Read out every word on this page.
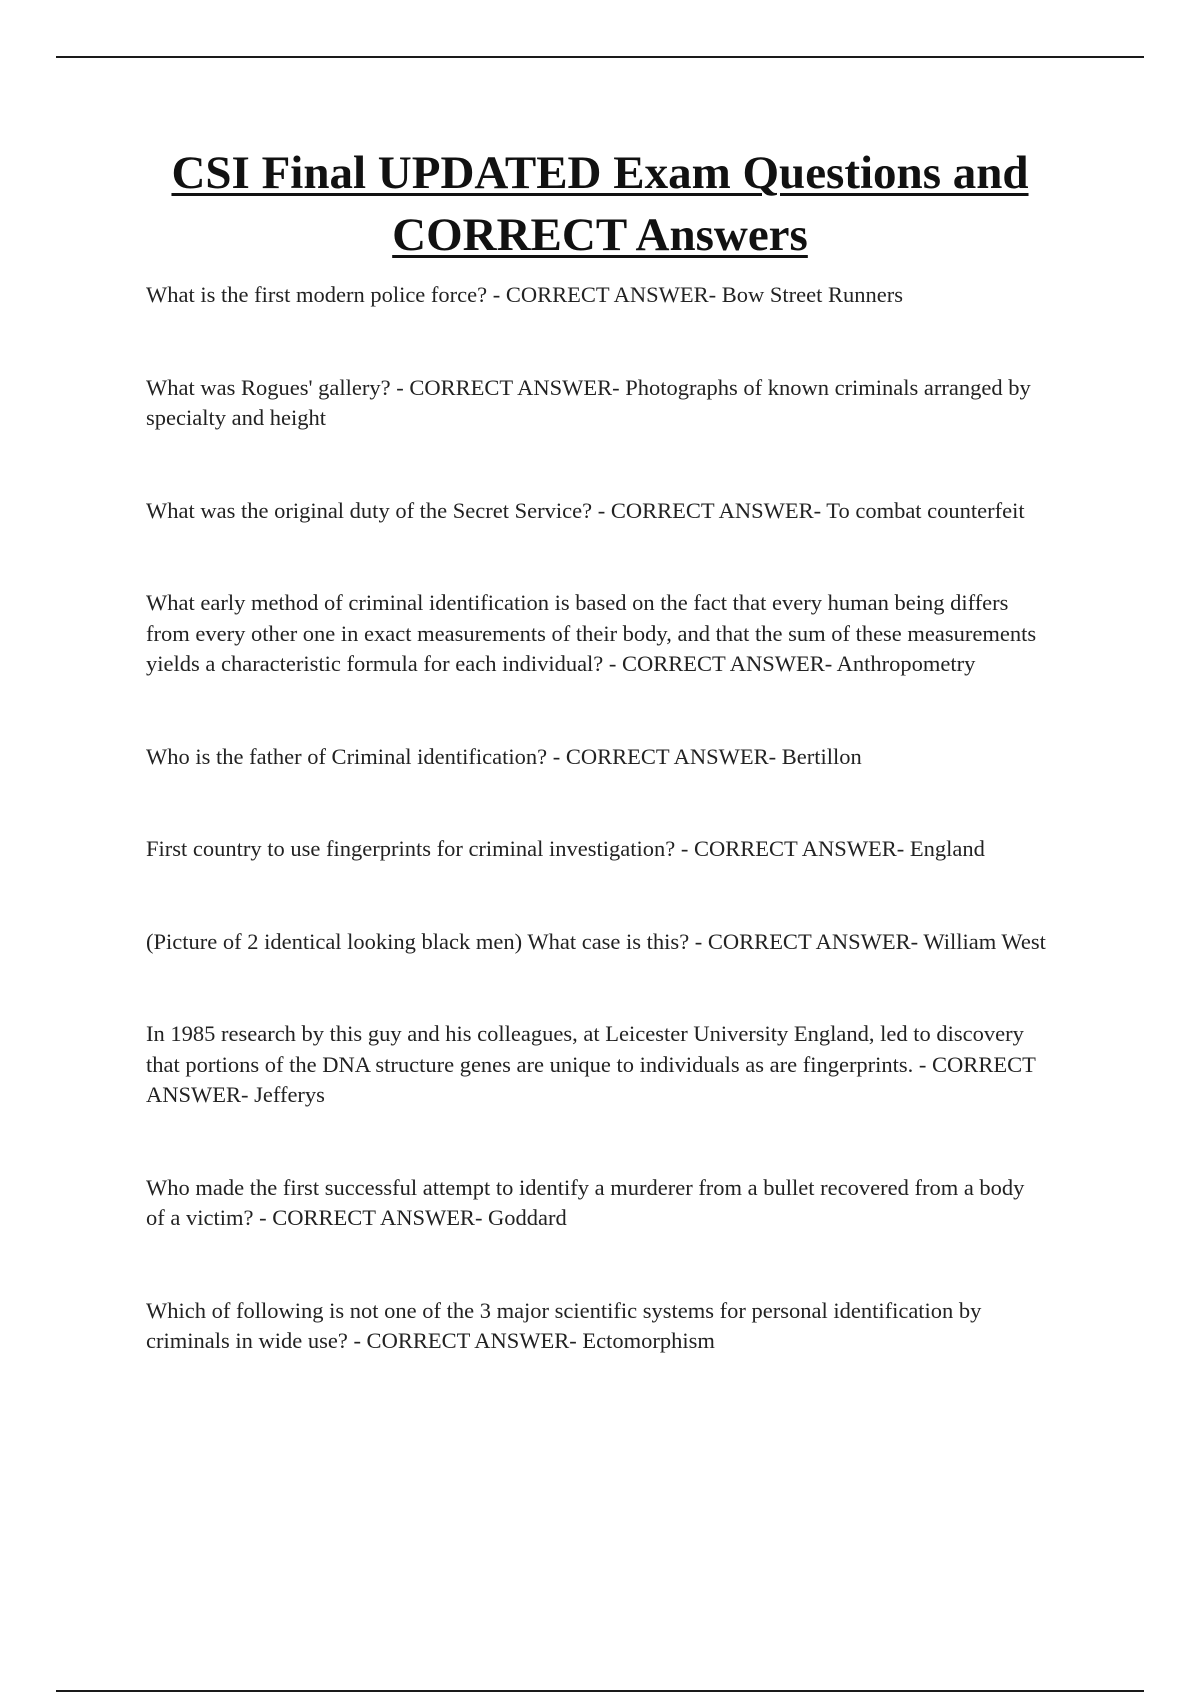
CSI Final UPDATED Exam Questions and
CORRECT Answers
What is the first modern police force? - CORRECT ANSWER- Bow Street Runners
What was Rogues' gallery? - CORRECT ANSWER- Photographs of known criminals arranged by specialty and height
What was the original duty of the Secret Service? - CORRECT ANSWER- To combat counterfeit
What early method of criminal identification is based on the fact that every human being differs from every other one in exact measurements of their body, and that the sum of these measurements yields a characteristic formula for each individual? - CORRECT ANSWER- Anthropometry
Who is the father of Criminal identification? - CORRECT ANSWER- Bertillon
First country to use fingerprints for criminal investigation? - CORRECT ANSWER- England
(Picture of 2 identical looking black men) What case is this? - CORRECT ANSWER- William West
In 1985 research by this guy and his colleagues, at Leicester University England, led to discovery that portions of the DNA structure genes are unique to individuals as are fingerprints. - CORRECT ANSWER- Jefferys
Who made the first successful attempt to identify a murderer from a bullet recovered from a body of a victim? - CORRECT ANSWER- Goddard
Which of following is not one of the 3 major scientific systems for personal identification by criminals in wide use? - CORRECT ANSWER- Ectomorphism
